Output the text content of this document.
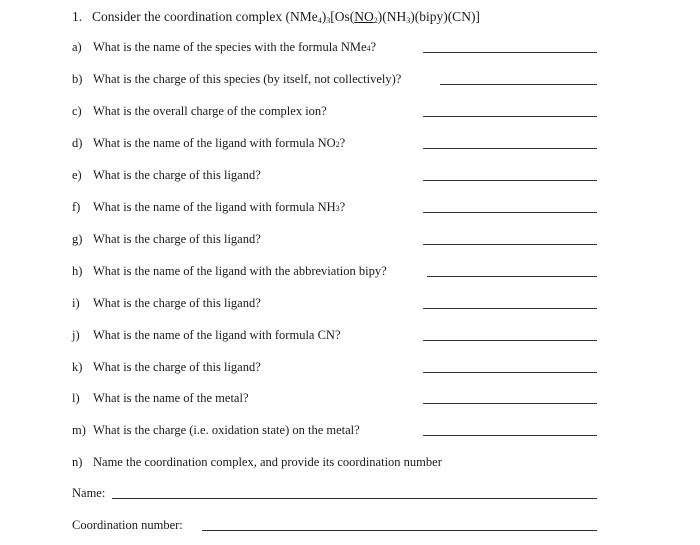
1. Consider the coordination complex $(NMe_4)_3[Os(NO_2)(NH_3)(bipy)(CN)]$
a) What is the name of the species with the formula NMe 4 ?
b) What is the charge of this species (by itself, not collectively)?
c) What is the overall charge of the complex ion?
d) What is the name of the ligand with formula NO 2 ?
e) What is the charge of this ligand?
f)	What is the name of the ligand with formula NH 3 ?
g) What is the charge of this ligand?
h) What is the name of the ligand with the abbreviation bipy?
i)	What is the charge of this ligand?
j)	What is the name of the ligand with formula CN?
k) What is the charge of this ligand?
l)	What is the name of the metal?
m) What is the charge (i.e. oxidation state) on the metal?
n) Name the coordination complex, and provide its coordination number
Name:
Coordination number:
